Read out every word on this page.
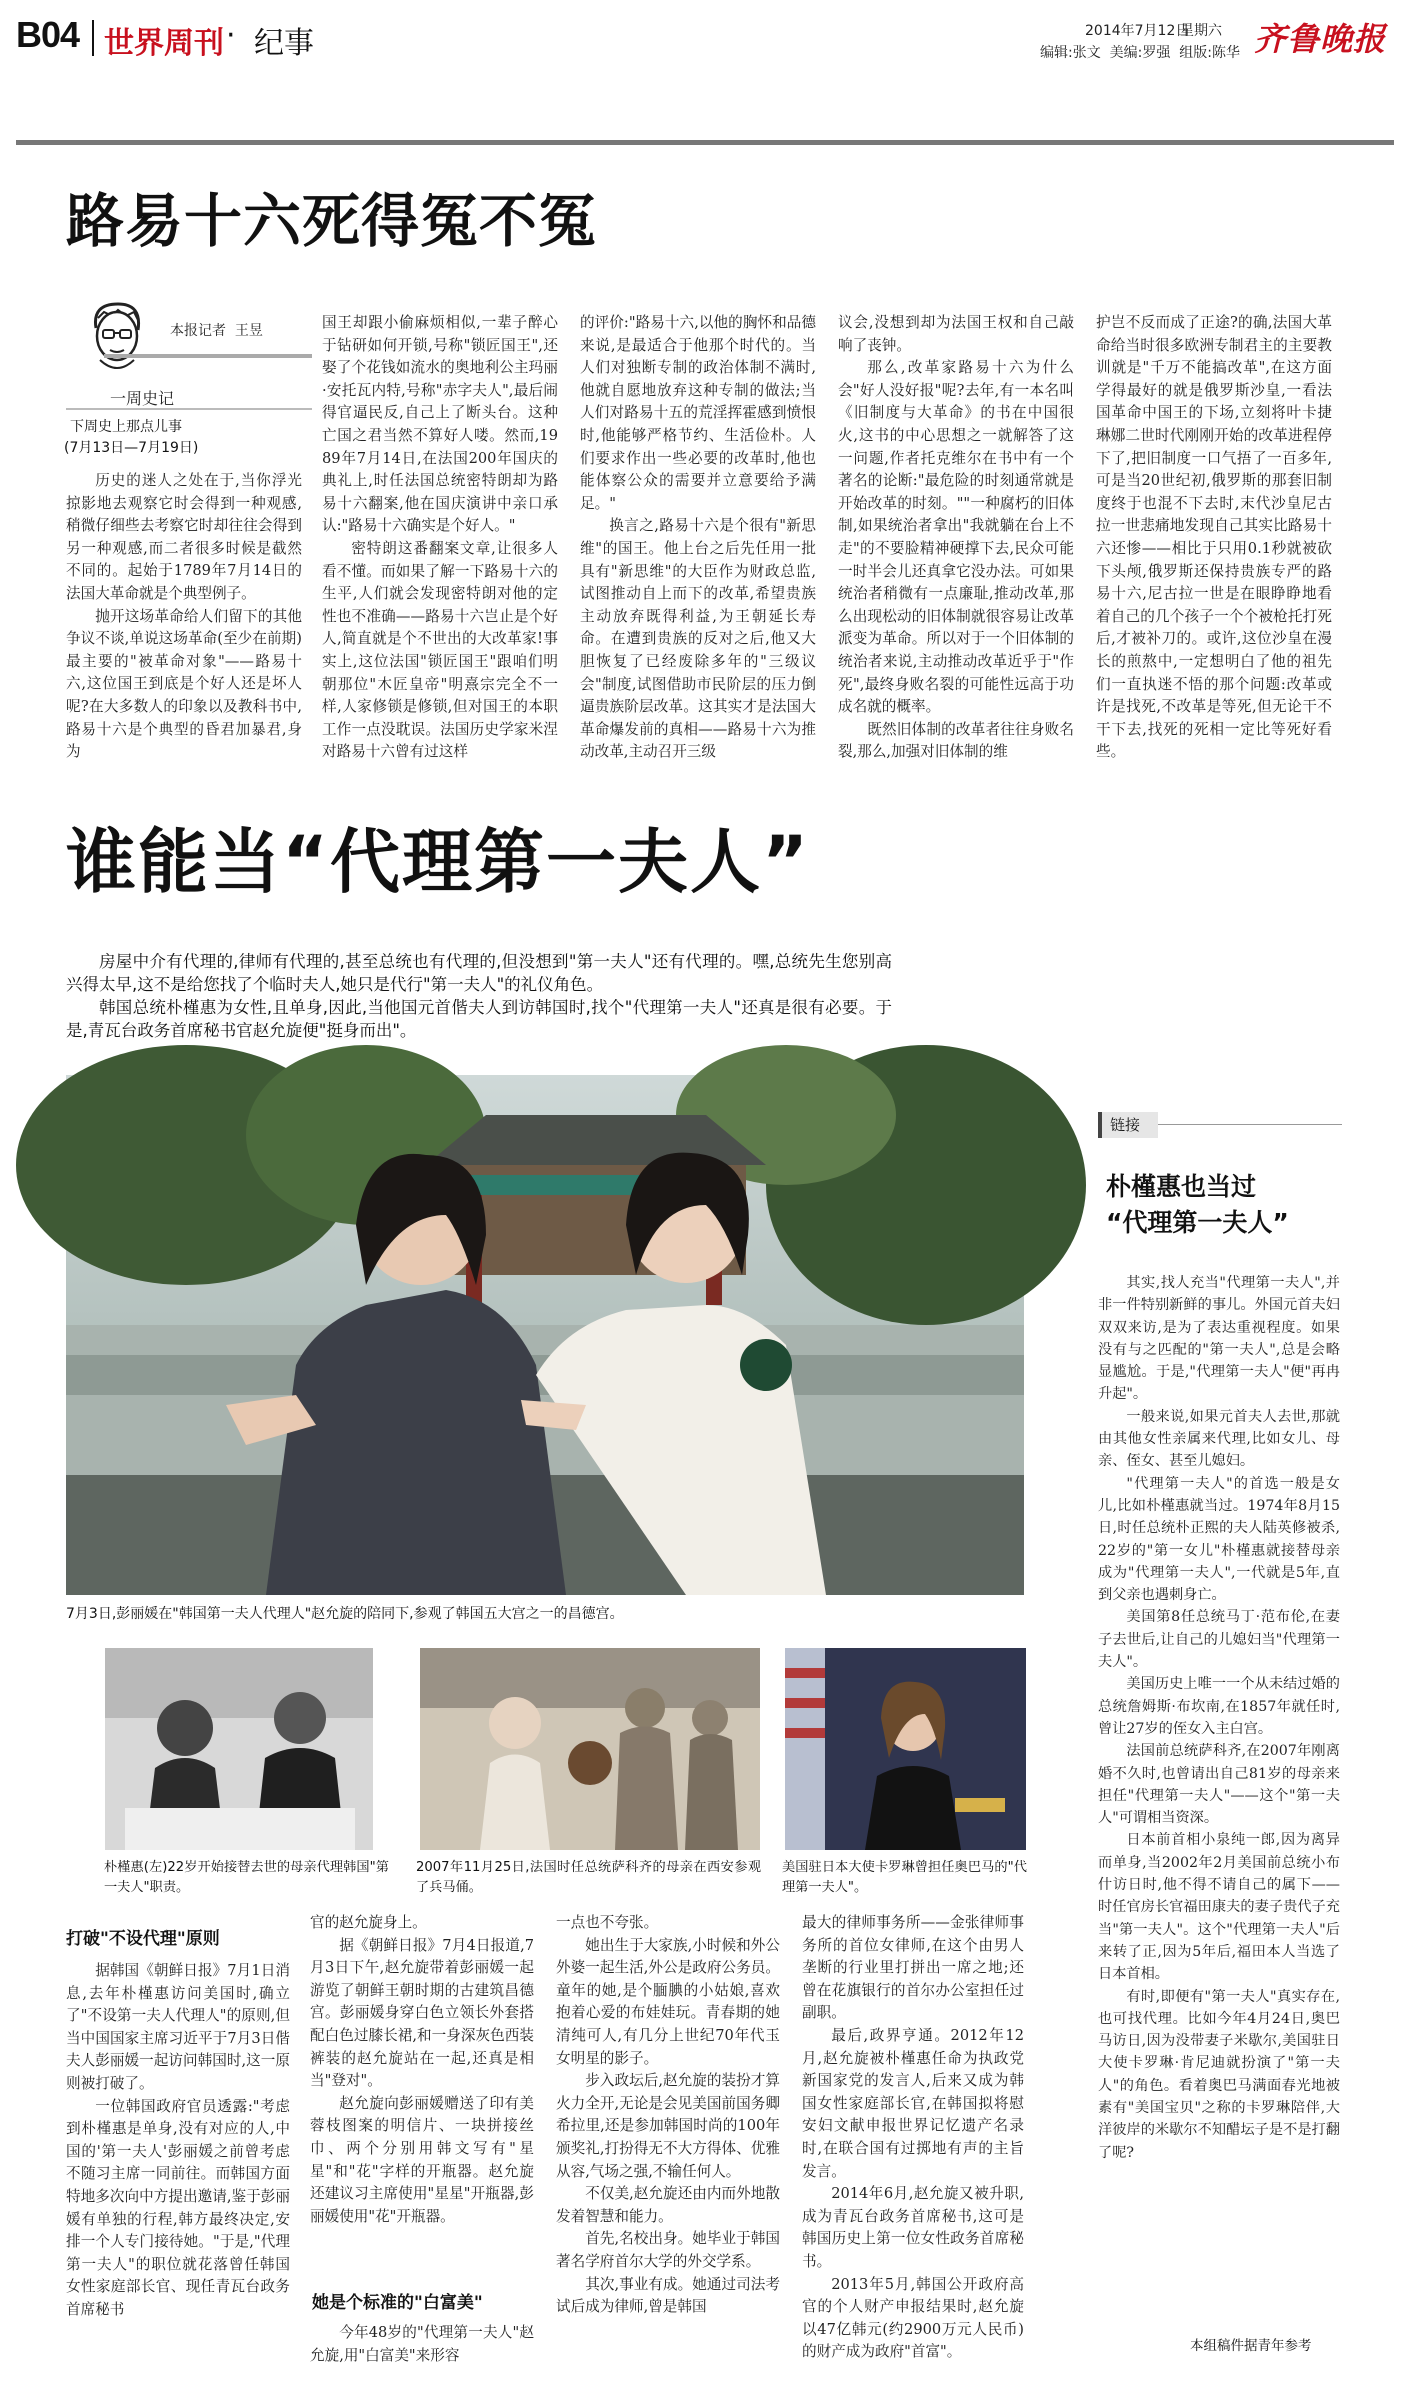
B04 世界周刊 · 纪事	2014年7月12日
星期六
编辑:张文  美编:罗强  组版:陈华 齐鲁晚报
路易十六死得冤不冤
本报记者  王昱
一周史记
下周史上那点儿事
(7月13日—7月19日)

历史的迷人之处在于,当你浮光掠影地去观察它时会得到一种观感,稍微仔细些去考察它时却往往会得到另一种观感,而二者很多时候是截然不同的。起始于1789年7月14日的法国大革命就是个典型例子。

抛开这场革命给人们留下的其他争议不谈,单说这场革命(至少在前期)最主要的"被革命对象"——路易十六,这位国王到底是个好人还是坏人呢?在大多数人的印象以及教科书中,路易十六是个典型的昏君加暴君,身为

国王却跟小偷麻烦相似,一辈子醉心于钻研如何开锁,号称"锁匠国王",还娶了个花钱如流水的奥地利公主玛丽·安托瓦内特,号称"赤字夫人",最后闹得官逼民反,自己上了断头台。这种亡国之君当然不算好人喽。然而,1989年7月14日,在法国200年国庆的典礼上,时任法国总统密特朗却为路易十六翻案,他在国庆演讲中亲口承认:"路易十六确实是个好人。"

密特朗这番翻案文章,让很多人看不懂。而如果了解一下路易十六的生平,人们就会发现密特朗对他的定性也不准确——路易十六岂止是个好人,简直就是个不世出的大改革家!事实上,这位法国"锁匠国王"跟咱们明朝那位"木匠皇帝"明熹宗完全不一样,人家修锁是修锁,但对国王的本职工作一点没耽误。法国历史学家米涅对路易十六曾有过这样

的评价:"路易十六,以他的胸怀和品德来说,是最适合于他那个时代的。当人们对独断专制的政治体制不满时,他就自愿地放弃这种专制的做法;当人们对路易十五的荒淫挥霍感到愤恨时,他能够严格节约、生活俭朴。人们要求作出一些必要的改革时,他也能体察公众的需要并立意要给予满足。"

换言之,路易十六是个很有"新思维"的国王。他上台之后先任用一批具有"新思维"的大臣作为财政总监,试图推动自上而下的改革,希望贵族主动放弃既得利益,为王朝延长寿命。在遭到贵族的反对之后,他又大胆恢复了已经废除多年的"三级议会"制度,试图借助市民阶层的压力倒逼贵族阶层改革。这其实才是法国大革命爆发前的真相——路易十六为推动改革,主动召开三级

议会,没想到却为法国王权和自己敲响了丧钟。

那么,改革家路易十六为什么会"好人没好报"呢?去年,有一本名叫《旧制度与大革命》的书在中国很火,这书的中心思想之一就解答了这一问题,作者托克维尔在书中有一个著名的论断:"最危险的时刻通常就是开始改革的时刻。""一种腐朽的旧体制,如果统治者拿出"我就躺在台上不走"的不要脸精神硬撑下去,民众可能一时半会儿还真拿它没办法。可如果统治者稍微有一点廉耻,推动改革,那么出现松动的旧体制就很容易让改革派变为革命。所以对于一个旧体制的统治者来说,主动推动改革近乎于"作死",最终身败名裂的可能性远高于功成名就的概率。

既然旧体制的改革者往往身败名裂,那么,加强对旧体制的维

护岂不反而成了正途?的确,法国大革命给当时很多欧洲专制君主的主要教训就是"千万不能搞改革",在这方面学得最好的就是俄罗斯沙皇,一看法国革命中国王的下场,立刻将叶卡捷琳娜二世时代刚刚开始的改革进程停下了,把旧制度一口气捂了一百多年,可是当20世纪初,俄罗斯的那套旧制度终于也混不下去时,末代沙皇尼古拉一世悲痛地发现自己其实比路易十六还惨——相比于只用0.1秒就被砍下头颅,俄罗斯还保持贵族专严的路易十六,尼古拉一世是在眼睁睁地看着自己的几个孩子一个个被枪托打死后,才被补刀的。或许,这位沙皇在漫长的煎熬中,一定想明白了他的祖先们一直执迷不悟的那个问题:改革或许是找死,不改革是等死,但无论干不干下去,找死的死相一定比等死好看些。

谁能当“代理第一夫人”

房屋中介有代理的,律师有代理的,甚至总统也有代理的,但没想到"第一夫人"还有代理的。嘿,总统先生您别高兴得太早,这不是给您找了个临时夫人,她只是代行"第一夫人"的礼仪角色。

韩国总统朴槿惠为女性,且单身,因此,当他国元首偕夫人到访韩国时,找个"代理第一夫人"还真是很有必要。于是,青瓦台政务首席秘书官赵允旋便"挺身而出"。

7月3日,彭丽媛在"韩国第一夫人代理人"赵允旋的陪同下,参观了韩国五大宫之一的昌德宫。
朴槿惠(左)22岁开始接替去世的母亲代理韩国"第一夫人"职责。
2007年11月25日,法国时任总统萨科齐的母亲在西安参观了兵马俑。
美国驻日本大使卡罗琳曾担任奥巴马的"代理第一夫人"。
打破"不设代理"原则

据韩国《朝鲜日报》7月1日消息,去年朴槿惠访问美国时,确立了"不设第一夫人代理人"的原则,但当中国国家主席习近平于7月3日偕夫人彭丽媛一起访问韩国时,这一原则被打破了。

一位韩国政府官员透露:"考虑到朴槿惠是单身,没有对应的人,中国的'第一夫人'彭丽媛之前曾考虑不随习主席一同前往。而韩国方面特地多次向中方提出邀请,鉴于彭丽媛有单独的行程,韩方最终决定,安排一个人专门接待她。"于是,"代理第一夫人"的职位就花落曾任韩国女性家庭部长官、现任青瓦台政务首席秘书

官的赵允旋身上。

据《朝鲜日报》7月4日报道,7月3日下午,赵允旋带着彭丽媛一起游览了朝鲜王朝时期的古建筑昌德宫。彭丽媛身穿白色立领长外套搭配白色过膝长裙,和一身深灰色西装裤装的赵允旋站在一起,还真是相当"登对"。

赵允旋向彭丽媛赠送了印有美蓉枝图案的明信片、一块拼接丝巾、两个分别用韩文写有"星星"和"花"字样的开瓶器。赵允旋还建议习主席使用"星星"开瓶器,彭丽媛使用"花"开瓶器。

她是个标准的"白富美"

今年48岁的"代理第一夫人"赵允旋,用"白富美"来形容

一点也不夸张。

她出生于大家族,小时候和外公外婆一起生活,外公是政府公务员。童年的她,是个腼腆的小姑娘,喜欢抱着心爱的布娃娃玩。青春期的她清纯可人,有几分上世纪70年代玉女明星的影子。

步入政坛后,赵允旋的装扮才算火力全开,无论是会见美国前国务卿希拉里,还是参加韩国时尚的100年颁奖礼,打扮得无不大方得体、优雅从容,气场之强,不输任何人。

不仅美,赵允旋还由内而外地散发着智慧和能力。

首先,名校出身。她毕业于韩国著名学府首尔大学的外交学系。

其次,事业有成。她通过司法考试后成为律师,曾是韩国

最大的律师事务所——金张律师事务所的首位女律师,在这个由男人垄断的行业里打拼出一席之地;还曾在花旗银行的首尔办公室担任过副职。

最后,政界亨通。2012年12月,赵允旋被朴槿惠任命为执政党新国家党的发言人,后来又成为韩国女性家庭部长官,在韩国拟将慰安妇文献申报世界记忆遗产名录时,在联合国有过掷地有声的主旨发言。

2014年6月,赵允旋又被升职,成为青瓦台政务首席秘书,这可是韩国历史上第一位女性政务首席秘书。

2013年5月,韩国公开政府高官的个人财产申报结果时,赵允旋以47亿韩元(约2900万元人民币)的财产成为政府"首富"。

链接
朴槿惠也当过
“代理第一夫人”

其实,找人充当"代理第一夫人",并非一件特别新鲜的事儿。外国元首夫妇双双来访,是为了表达重视程度。如果没有与之匹配的"第一夫人",总是会略显尴尬。于是,"代理第一夫人"便"再冉升起"。

一般来说,如果元首夫人去世,那就由其他女性亲属来代理,比如女儿、母亲、侄女、甚至儿媳妇。

"代理第一夫人"的首选一般是女儿,比如朴槿惠就当过。1974年8月15日,时任总统朴正熙的夫人陆英修被杀,22岁的"第一女儿"朴槿惠就接替母亲成为"代理第一夫人",一代就是5年,直到父亲也遇刺身亡。

美国第8任总统马丁·范布伦,在妻子去世后,让自己的儿媳妇当"代理第一夫人"。

美国历史上唯一一个从未结过婚的总统詹姆斯·布坎南,在1857年就任时,曾让27岁的侄女入主白宫。

法国前总统萨科齐,在2007年刚离婚不久时,也曾请出自己81岁的母亲来担任"代理第一夫人"——这个"第一夫人"可谓相当资深。

日本前首相小泉纯一郎,因为离异而单身,当2002年2月美国前总统小布什访日时,他不得不请自己的属下——时任官房长官福田康夫的妻子贵代子充当"第一夫人"。这个"代理第一夫人"后来转了正,因为5年后,福田本人当选了日本首相。

有时,即便有"第一夫人"真实存在,也可找代理。比如今年4月24日,奥巴马访日,因为没带妻子米歇尔,美国驻日大使卡罗琳·肯尼迪就扮演了"第一夫人"的角色。看着奥巴马满面春光地被素有"美国宝贝"之称的卡罗琳陪伴,大洋彼岸的米歇尔不知醋坛子是不是打翻了呢?

本组稿件据青年参考
